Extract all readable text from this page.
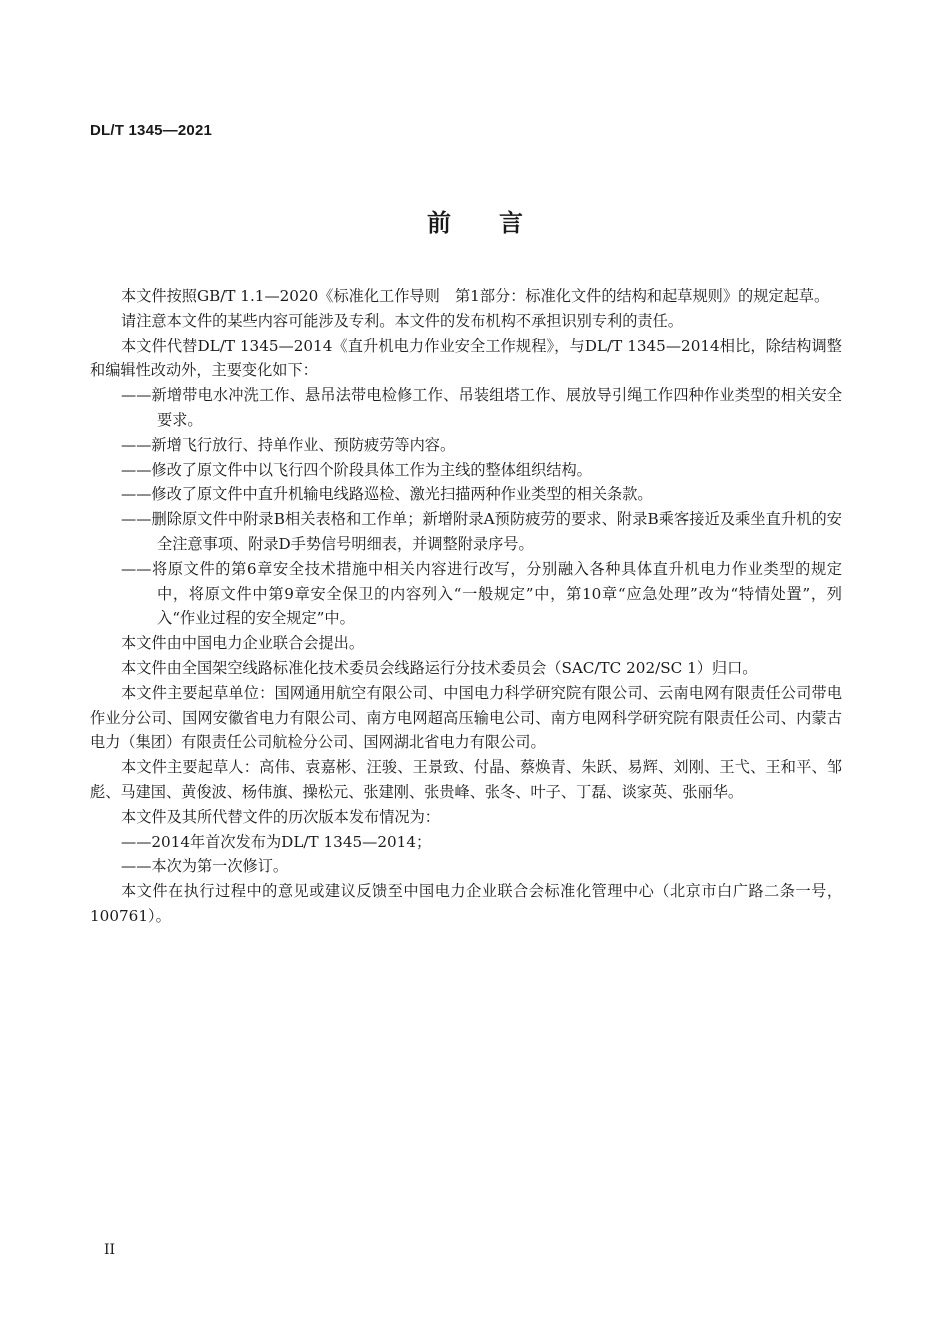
DL/T 1345—2021
前言

本文件按照GB/T 1.1—2020《标准化工作导则　第1部分：标准化文件的结构和起草规则》的规定起草。

请注意本文件的某些内容可能涉及专利。本文件的发布机构不承担识别专利的责任。

本文件代替DL/T 1345—2014《直升机电力作业安全工作规程》，与DL/T 1345—2014相比，除结构调整和编辑性改动外，主要变化如下：

——新增带电水冲洗工作、悬吊法带电检修工作、吊装组塔工作、展放导引绳工作四种作业类型的相关安全要求。

——新增飞行放行、持单作业、预防疲劳等内容。

——修改了原文件中以飞行四个阶段具体工作为主线的整体组织结构。

——修改了原文件中直升机输电线路巡检、激光扫描两种作业类型的相关条款。

——删除原文件中附录B相关表格和工作单；新增附录A预防疲劳的要求、附录B乘客接近及乘坐直升机的安全注意事项、附录D手势信号明细表，并调整附录序号。

——将原文件的第6章安全技术措施中相关内容进行改写，分别融入各种具体直升机电力作业类型的规定中，将原文件中第9章安全保卫的内容列入“一般规定”中，第10章“应急处理”改为“特情处置”，列入“作业过程的安全规定”中。

本文件由中国电力企业联合会提出。

本文件由全国架空线路标准化技术委员会线路运行分技术委员会（SAC/TC 202/SC 1）归口。

本文件主要起草单位：国网通用航空有限公司、中国电力科学研究院有限公司、云南电网有限责任公司带电作业分公司、国网安徽省电力有限公司、南方电网超高压输电公司、南方电网科学研究院有限责任公司、内蒙古电力（集团）有限责任公司航检分公司、国网湖北省电力有限公司。

本文件主要起草人：高伟、袁嘉彬、汪骏、王景致、付晶、蔡焕青、朱跃、易辉、刘刚、王弋、王和平、邹彪、马建国、黄俊波、杨伟旗、操松元、张建刚、张贵峰、张冬、叶子、丁磊、谈家英、张丽华。

本文件及其所代替文件的历次版本发布情况为：

——2014年首次发布为DL/T 1345—2014；

——本次为第一次修订。

本文件在执行过程中的意见或建议反馈至中国电力企业联合会标准化管理中心（北京市白广路二条一号，100761）。

II
